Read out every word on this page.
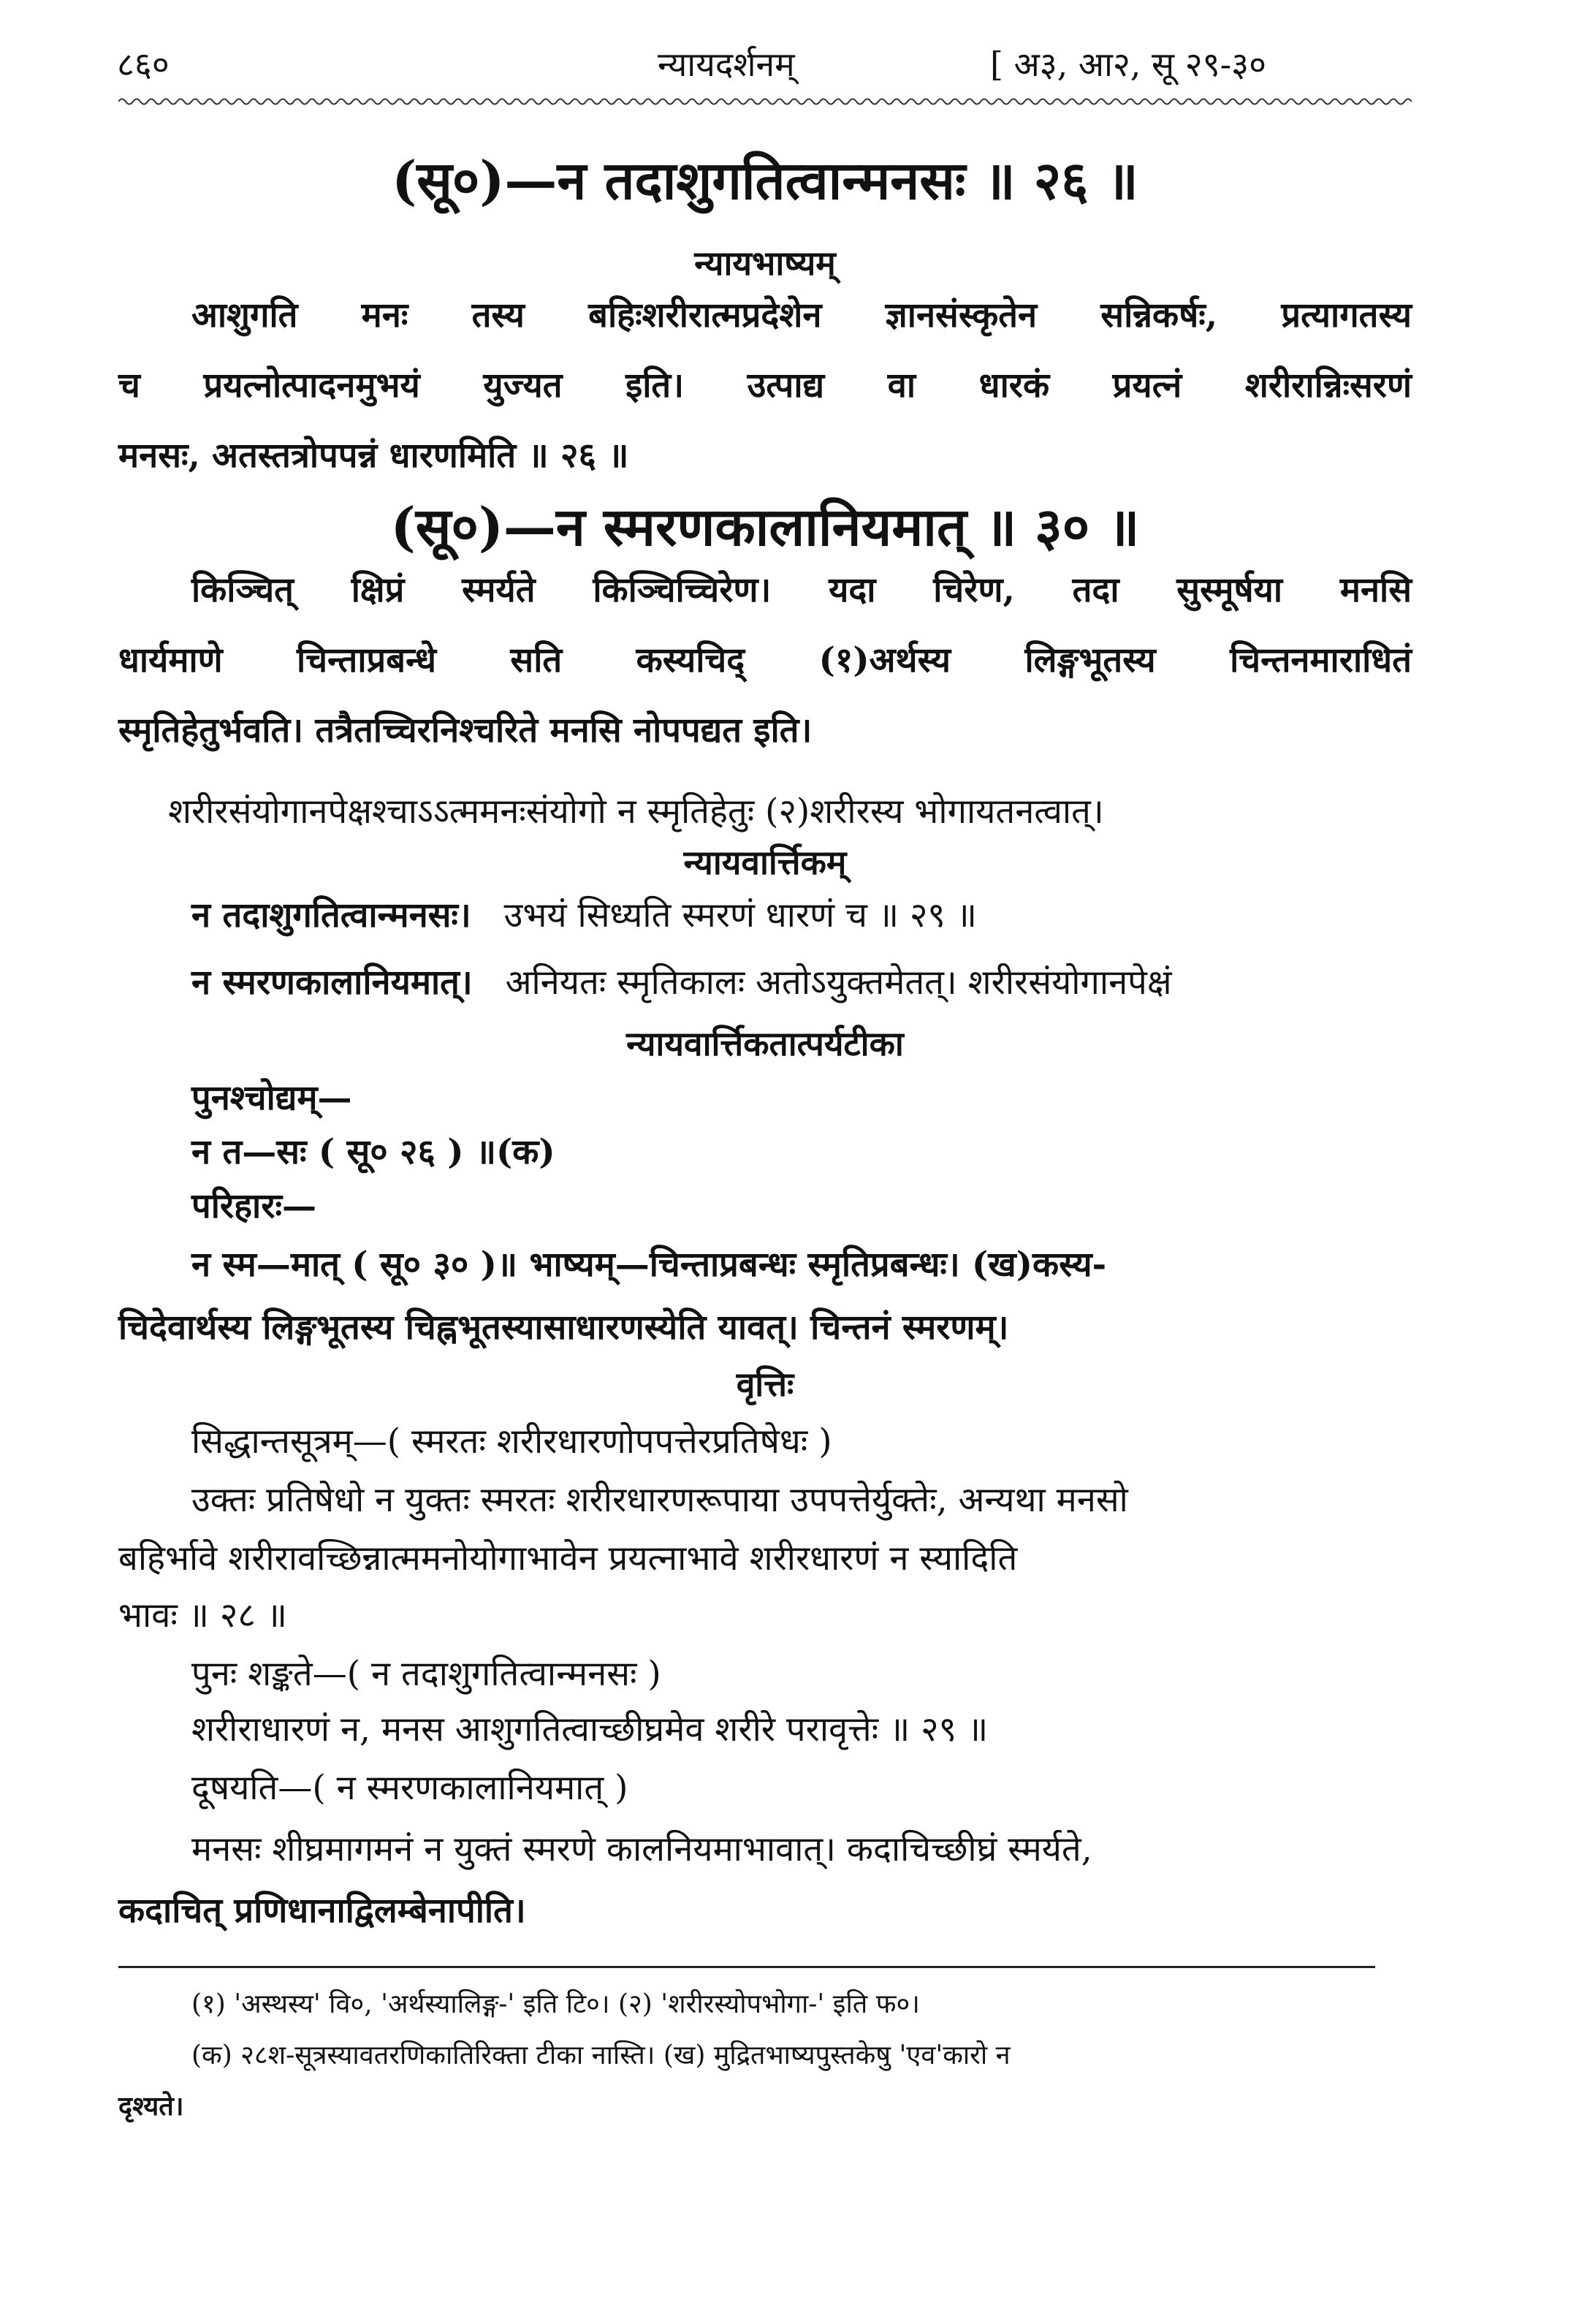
८६०	न्यायदर्शनम्	[ अ३, आ२, सू २९-३०
(सू०)—न तदाशुगतित्वान्मनसः ॥ २६ ॥
न्यायभाष्यम्
आशुगति मनः तस्य बहिःशरीरात्मप्रदेशेन ज्ञानसंस्कृतेन सन्निकर्षः, प्रत्यागतस्य
च प्रयत्नोत्पादनमुभयं युज्यत इति। उत्पाद्य वा धारकं प्रयत्नं शरीरान्निःसरणं
मनसः, अतस्तत्रोपपन्नं धारणमिति ॥ २६ ॥
(सू०)—न स्मरणकालानियमात् ॥ ३० ॥
किञ्चित् क्षिप्रं स्मर्यते किञ्चिच्चिरेण। यदा चिरेण, तदा सुस्मूर्षया मनसि
धार्यमाणे चिन्ताप्रबन्धे सति कस्यचिद् (१)अर्थस्य लिङ्गभूतस्य चिन्तनमाराधितं
स्मृतिहेतुर्भवति। तत्रैतच्चिरनिश्चरिते मनसि नोपपद्यत इति।
शरीरसंयोगानपेक्षश्चाऽऽत्ममनःसंयोगो न स्मृतिहेतुः (२)शरीरस्य भोगायतनत्वात्।
न्यायवार्त्तिकम्
न तदाशुगतित्वान्मनसः। उभयं सिध्यति स्मरणं धारणं च ॥ २९ ॥
न स्मरणकालानियमात्। अनियतः स्मृतिकालः अतोऽयुक्तमेतत्। शरीरसंयोगानपेक्षं
न्यायवार्त्तिकतात्पर्यटीका
पुनश्चोद्यम्—
न त—सः ( सू० २६ ) ॥(क)
परिहारः—
न स्म—मात् ( सू० ३० )॥ भाष्यम्—चिन्ताप्रबन्धः स्मृतिप्रबन्धः। (ख)कस्य-
चिदेवार्थस्य लिङ्गभूतस्य चिह्नभूतस्यासाधारणस्येति यावत्। चिन्तनं स्मरणम्।
वृत्तिः
सिद्धान्तसूत्रम्—( स्मरतः शरीरधारणोपपत्तेरप्रतिषेधः )
उक्तः प्रतिषेधो न युक्तः स्मरतः शरीरधारणरूपाया उपपत्तेर्युक्तेः, अन्यथा मनसो
बहिर्भावे शरीरावच्छिन्नात्ममनोयोगाभावेन प्रयत्नाभावे शरीरधारणं न स्यादिति
भावः ॥ २८ ॥
पुनः शङ्कते—( न तदाशुगतित्वान्मनसः )
शरीराधारणं न, मनस आशुगतित्वाच्छीघ्रमेव शरीरे परावृत्तेः ॥ २९ ॥
दूषयति—( न स्मरणकालानियमात् )
मनसः शीघ्रमागमनं न युक्तं स्मरणे कालनियमाभावात्। कदाचिच्छीघ्रं स्मर्यते,
कदाचित् प्रणिधानाद्विलम्बेनापीति।
(१) 'अस्थस्य' वि०, 'अर्थस्यालिङ्ग-' इति टि०। (२) 'शरीरस्योपभोगा-' इति फ०।
(क) २८श-सूत्रस्यावतरणिकातिरिक्ता टीका नास्ति। (ख) मुद्रितभाष्यपुस्तकेषु 'एव'कारो न
दृश्यते।
